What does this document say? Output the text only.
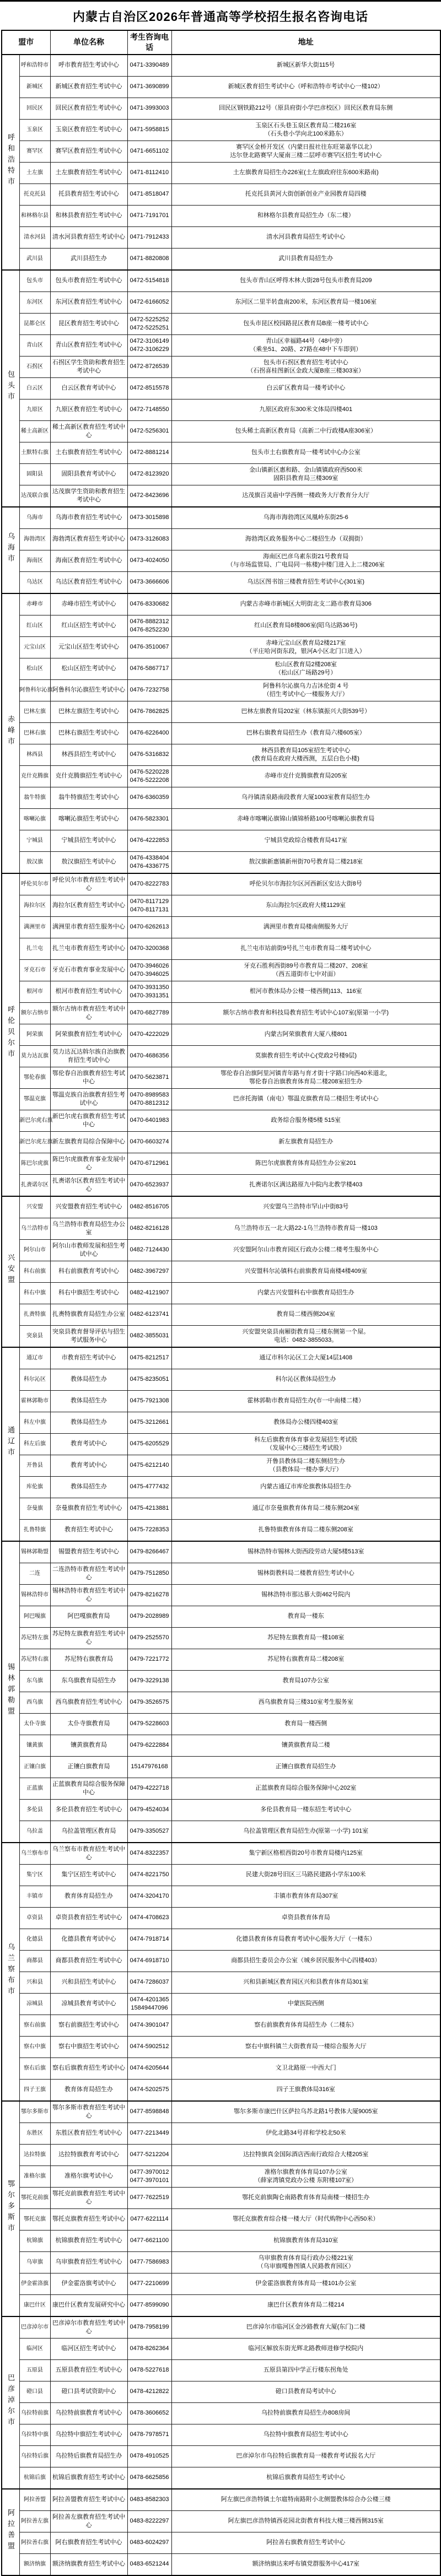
内蒙古自治区2026年普通高等学校招生报名咨询电话
盟市		单位名称	考生咨询电话	地址
呼和浩特市	呼和浩特市	呼市教育招生考试中心	0471-3390489	新城区新华大街115号

	新城区	新城区教育招生考试中心	0471-3690899	新城区教育招生考试中心（呼和浩特市考试中心一楼102）

	回民区	回民区教育招生考试中心	0471-3993003	回民区钢铁路212号（原县府街小学巴彦校区）回民区教育局东侧

	玉泉区	玉泉区教育招生考试中心	0471-5958815	玉泉区石头巷玉泉区教育局二楼216室
（石头巷小学向北100米路东）

	赛罕区	赛罕区教育招生考试中心	0471-6651102	赛罕区金桥开发区（内蒙日报社往东旺第嘉华以北）
达尔登北路赛罕大厦南三楼二层呼市赛罕区招生考试中心

	土左旗	土左旗教育招生考试中心	0471-8112410	土左旗教育局招生办226室(土左旗政府往东600米路南)

	托克托县	托县教育招生考试中心	0471-8518047	托克托县黄河大街创新创业产业园教育局四楼

	和林格尔县	和林县教育招生考试中心	0471-7191701	和林格尔县教育局招生办（东二楼）

	清水河县	清水河县教育招生考试中心	0471-7912433	清水河县教育局招生考试中心

	武川县	武川县招生办	0471-8820808	武川县教育局招生办

包头市	包头市	包头市教育招生考试中心	0472-5154818	包头市青山区呼得木林大街28号包头市教育局209

	东河区	东河区教育招生考试中心	0472-6166052	东河区二里半转盘南200米，东河区教育局一楼106室

	昆都仑区	昆区教育招生考试中心	0472-5225252
0472-5225251	包头市昆区校园路昆区教育局B座一楼考试中心

	青山区	青山区教育招生考试中心	0472-3106149
0472-3106229	青山区幸福路44号（48中旁）
（乘坐51、20路、27路在48中下车即到）

	石拐区	石拐区学生资助和教育招生考试中心	0472-8726539	包头市石拐区教育招生考试中心
（石拐喜桂图新区金政大厦B座三楼303室）

	白云区	白云区教育考试中心	0472-8515578	白云矿区教育局一楼考试中心

	九原区	九原区教育招生考试中心	0472-7148550	九原区政府东300米文体局四楼401

	稀土高新区	稀土高新区教育招生考试中心	0472-5256301	包头稀土高新区教育局（高新二中行政楼A座306室）

	土默特右旗	土右旗教育招生考试中心	0472-8881214	包头市土右旗教育局一楼考试中心办公室

	固阳县	固阳县教育考试中心	0472-8123920	金山镇新区惠和路、金山镇镇政府西500米
固阳县教育局三楼309室

	达茂联合旗	达茂旗学生资助和教育招生考试中心	0472-8423696	达茂旗百灵庙中学西侧一楼政务大厅教育分大厅

乌海市	乌海市	乌海市教育招生考试中心	0473-3015898	乌海市海勃湾区凤凰岭东街25-6

	海勃湾区	海勃湾区教育招生考试中心	0473-3126083	海勃湾区政务服务中心二楼招生办（双拥街）

	海南区	海南区教育招生考试中心	0473-4024050	海南区巴彦乌素东街21号教育局
（与市场监管局、广电局同一栋楼)中楼门进入上二楼206室

	乌达区	乌达区教育招生考试中心	0473-3666606	乌达区图书馆三楼教育招生考试中心(301室)

赤峰市	赤峰市	赤峰市招生考试中心	0476-8330682	内蒙古赤峰市新城区大明街北支二路市教育局306

	红山区	红山区招生考试中心	0476-8882312
0476-8252230	红山区教育局8楼806室(昭乌达路36号)

	元宝山区	元宝山区招生考试中心	0476-3510067	赤峰元宝山区教育局2楼217室
（平庄哈河街东段，银河A小区北门口进入）

	松山区	松山区招生考试中心	0476-5867717	松山区教育局2楼208室
（松山区广场路29号）

	阿鲁科尔沁旗	阿鲁科尔沁旗招生考试中心	0476-7232758	阿鲁科尔沁旗乌力吉沐伦街 4 号
（招生考试中心一楼服务大厅）

	巴林左旗	巴林左旗招生考试中心	0476-7862825	巴林左旗教育局202室（林东镇振兴大街539号）

	巴林右旗	巴林右旗招生考试中心	0476-6226400	巴林右旗教育局招生办（教育局六楼605室）

	林西县	林西县招生考试中心	0476-5316832	林西县教育局105室招生考试中心
(教育局在政府大楼西测，五层白色小楼)

	克什克腾旗	克什克腾旗招生考试中心	0476-5220228
0476-5222208	赤峰市克什克腾旗教育局205室

	翁牛特旗	翁牛特旗招生考试中心	0476-6360359	乌丹镇清泉路南段教育大厦1003室教育局招生办

	喀喇沁旗	喀喇沁旗招生考试中心	0476-5823301	赤峰市喀喇沁旗锦山镇锦桥路100号喀喇沁旗教育局

	宁城县	宁城县招生考试中心	0476-4222853	宁城县党政综合楼教育局417室

	敖汉旗	敖汉旗招生考试中心	0476-4338404
0476-4336775	敖汉旗新惠镇新州街70号教育局二楼218室

呼伦贝尔市	呼伦贝尔市	呼伦贝尔市教育招生考试中心	0470-8222783	呼伦贝尔市海拉尔区河西新区安达大街8号

	海拉尔区	海拉尔区教育招生考试中心	0470-8117129
0470-8117131	东山海拉尔区政府大楼1129室

	满洲里市	满洲里市教育招生服务中心	0470-6262613	满洲里市教育局楼南侧服务大厅

	扎兰屯	扎兰屯市教育招生考试中心	0470-3200368	扎兰屯市站前街9号扎兰屯市教育局二楼考试中心

	牙克石市	牙克石市教育事业发展中心	0470-3946026
0470-3946025	牙克石胜利西街89号市教育局二楼207、208室
（西五道街市七中对面）

	根河市	根河市教育招生考试中心	0470-3931350
0470-3931351	根河市教体局办公楼一楼西侧)113、116室

	额尔古纳市	额尔古纳市教育招生考试中心	0470-6827789	额尔古纳市教育和科技局教育招生考试中心107室(原第一小学)

	阿荣旗	阿荣旗教育招生考试中心	0470-4222029	内蒙古阿荣旗教育大厦八楼801

	莫力达瓦旗	莫力达瓦达斡尔族自治旗教育招生考试中心	0470-4686356	莫旗教育招生考试中心(党政2号楼9层)

	鄂伦春旗	鄂伦春自治旗教育招生考试中心	0470-5623871	鄂伦春自治旗阿里河镇青年路与育才街十字路口向西40米道北，
鄂伦春自治旗教育体育局二楼208室招生办

	鄂温克旗	鄂温克族自治旗教育招生考试中心	0470-8989583
0470-8812312	巴彦托海镇（南屯）鄂温克旗教育局二楼招生考试中心

	新巴尔虎右旗	新巴尔虎右旗教育招生考试中心	0470-6401983	政务综合服务楼5楼 515室

	新巴尔虎左旗	新左旗教育局综合保障中心	0470-6603274	新左旗教育局招生办

	陈巴尔虎旗	陈巴尔虎旗教育事业发展中心	0470-6712961	陈巴尔虎旗教育体育局招生办公室201

	扎赉诺尔区	扎赉诺尔区教育招生考试中心	0470-6523937	扎赉诺尔区满达路原九中院内北教学楼403

兴安盟	兴安盟	兴安盟教育招生考试中心	0482-8516705	兴安盟乌兰浩特市罕山中街83号

	乌兰浩特市	乌兰浩特市教育局招生办公室	0482-8216128	乌兰浩特市五一北大路22-1乌兰浩特市教育局一楼103

	阿尔山市	阿尔山市教师发展和招生考试中心	0482-7124430	兴安盟阿尔山市教育园区行政办公楼二楼考生服务中心

	科右前旗	科右前旗教育考试中心	0482-3967297	兴安盟科尔沁镇科右前旗教育局南楼4楼409室

	科右中旗	科右中旗招生考试中心	0482-4121907	内蒙古兴安盟科右中旗教育局招生办

	扎赉特旗	扎赉特旗教育局招生办公室	0482-6123741	教育局二楼西侧204室

	突泉县	突泉县教育督导评估与招生考试服务中心	0482-3855031	兴安盟突泉县南厢街教育局三楼东侧第一个屋。
电话：0482-3855033。

通辽市	通辽市	市教育招生考试中心	0475-8212517	通辽市科尔沁区工会大厦14层1408

	科尔沁区	教体局招生办	0475-8235051	科尔沁区教体局招生办

	霍林郭勒市	教体局招生办	0475-7921308	霍林郭勒市教育局招生办(市一中南楼二楼）

	科左中旗	教体局招生办	0475-3212661	教体局办公楼四楼403室

	科左后旗	教育考试中心	0475-6205529	科左后旗教育体育事业发展招生考试股
（发展中心三楼招生考试股）

	开鲁县	教育考试中心	0475-6212140	开鲁县教体局二楼东侧招生办
（县教体局一楼办事大厅）

	库伦旗	教体局招生办	0475-4777432	内蒙古通辽市库伦旗教体局招生办

	奈曼旗	奈曼旗教育招生考试中心	0475-4213881	通辽市奈曼旗教育体育局二楼东侧204室

	扎鲁特旗	教育招生考试中心	0475-7228353	扎鲁特旗教育体育局二楼东侧208室

锡林郭勒盟	锡林郭勒盟	锡盟教育招生考试中心	0479-8266467	锡林浩特市锡林大街西段劳动大厦5楼513室

	二连	二连浩特市教育招生考试中心	0479-7512850	锡林街教科局二楼教育招生考试中心

	锡林浩特市	锡林浩特市教育招生考试中心	0479-8216278	锡林浩特市那达慕大街462号院内

	阿巴嘎旗	阿巴嘎旗教育局	0479-2028989	教育局一楼东

	苏尼特左旗	苏尼特左旗教育招生考试中心	0479-2525570	苏尼特左旗教育局一楼108室

	苏尼特右旗	苏尼特右旗教育局	0479-7221772	苏尼特右旗教育局二楼208室

	东乌旗	东乌旗教育局招生办	0479-3229138	教育局107办公室

	西乌旗	西乌旗教育招生考试中心	0479-3526575	西乌旗教育局三楼310室考生服务室

	太仆寺旗	太仆寺旗教育局	0479-5228603	教育局一楼西侧

	镶黄旗	镶黄旗教育局	0479-6222884	镶黄旗教育局二楼

	正镶白旗	正镶白旗教育局	15147976168	正镶白旗教育局招生办

	正蓝旗	正蓝旗教育局综合服务保障中心	0479-4222718	正蓝旗教育局综合服务保障中心202室

	多伦县	多伦县教育招生考试中心	0479-4524034	多伦县教育局一楼东招生考试中心

	乌拉盖	乌拉盖管理区教育局	0479-3350527	乌拉盖管理区教育局招生办(原第一小学) 101室

乌兰察布市	乌兰察布市	乌兰察布市教育招生考试中心	0474-8322357	集宁新区格根西街20号市教育局楼内125室

	集宁区	集宁区招生考试中心	0474-8221750	民建大街28号旧区三马路民建路小学东100米

	丰镇市	教育体育局招生办	0474-3204170	丰镇市教育体育局307室

	卓资县	卓资县教育招生考试中心	0474-4708623	卓资县教育体育局

	化德县	化德县教育考试中心	0474-7918714	化德县教育体育局教育考试中心服务大厅（一楼东）

	商都县	商都县教育招生考试中心	0474-6918710	商都县招生委员会办公室（城乡居民服务中心四楼403）

	兴和县	兴和县招生考试中心	0474-7286037	兴和县新城区教育园区兴和县教育体育局301室

	凉城县	凉城县教育考试中心	0474-4201365
15849447096	中蒙医院西侧

	察右前旗	察右前旗招生考试中心	0474-3901047	察右前旗教育体育局招生办（二楼东）

	察右中旗	察右中旗招生考试中心	0474-5902512	察右中旗科镇兰大街教育局一楼综合服务大厅

	察右后旗	察右后旗教育招生考试中心	0474-6205644	文卫北路原一中西大门

	四子王旗	教育体育局招生办	0474-5202575	四子王旗教体局316室

鄂尔多斯市	鄂尔多斯市	鄂尔多斯市教育招生考试中心	0477-8598848	鄂尔多斯市康巴什区萨拉乌苏北路1号教体大厦9005室

	东胜区	东胜区教育招生考试中心	0477-2213449	伊化北路34号祥和学校北50米

	达拉特旗	达拉特旗教育考试中心	0477-5212204	达拉特旗真金国际酒店西南行政综合大楼205室

	准格尔旗	准格尔旗考试中心	0477-3970012
0477-3970101	准格尔旗教育体育局107办公室
（薛家湾镇党政办公楼 东附楼107室）

	鄂托克前旗	鄂托克前旗教育招生考试中心	0477-7622519	鄂托克前旗陶仑南路教育体育局南楼一楼招生办

	鄂托克旗	鄂托克旗教育招生考试中心	0477-6221114	鄂托克旗教育综合楼一楼大厅（时代购物中心西50米）

	杭锦旗	杭锦旗教育招生考试中心	0477-6621100	杭锦旗教育体育局310室

	乌审旗	乌审旗教育招生考试中心	0477-7586983	乌审旗教育体育局行政办公楼221室
（乌审旗嘎鲁图镇人民路教育园区）

	伊金霍洛旗	伊金霍洛旗考试中心	0477-2210699	伊金霍洛旗教育体育局一楼101办公室

	康巴什区	康巴什区教育发展研究中心	0477-8599090	康巴什区教育体育局二楼214

巴彦淖尔市	巴彦淖尔市	巴彦淖尔市教育招生考试中心	0478-7958199	巴彦淖尔市临河区金沙路教育大厦(东门)二楼

	临河区	临河区招生考试中心	0478-8262364	临河区解放东街光辉北路教师进修学校院内

	五原县	五原县教育招生考试中心	0478-5227618	五原县第四中学正行楼东拐角处

	磴口县	磴口县考试资助中心	0478-4212822	磴口县教育局考试中心

	乌拉特前旗	乌拉特前旗教育考试中心	0478-3606652	乌拉特前旗教育局招生办808房间

	乌拉特中旗	乌拉特中旗招生考试中心	0478-7978571	乌拉特中旗教育局招生考试中心

	乌拉特后旗	乌拉特后旗教育局招生办	0478-4910525	巴彦淖尔市乌拉特后旗教育局一楼教育考试报名大厅

	杭锦后旗	杭锦后旗教育招生考试中心	0478-6625856	杭锦后旗教育局招生考试中心

阿拉善盟	阿拉善盟	阿拉善盟教育招生考试中心	0483-8582303	阿左旗巴彦浩特镇土尔扈特南路附小北侧盟教体综合办公楼三楼

	阿拉善左旗	阿拉善左旗教育招生考试中心	0483-8222297	阿左旗巴彦浩特镇西花园北街教育科技大楼三楼西侧315室

	阿拉善右旗	阿右旗教育招生考试中心	0483-6024297	阿拉善右旗教育招生考试中心

	额济纳旗	额济纳旗教育招生考试中心	0483-6521244	额济纳旗达来呼布镇党群服务中心417室
